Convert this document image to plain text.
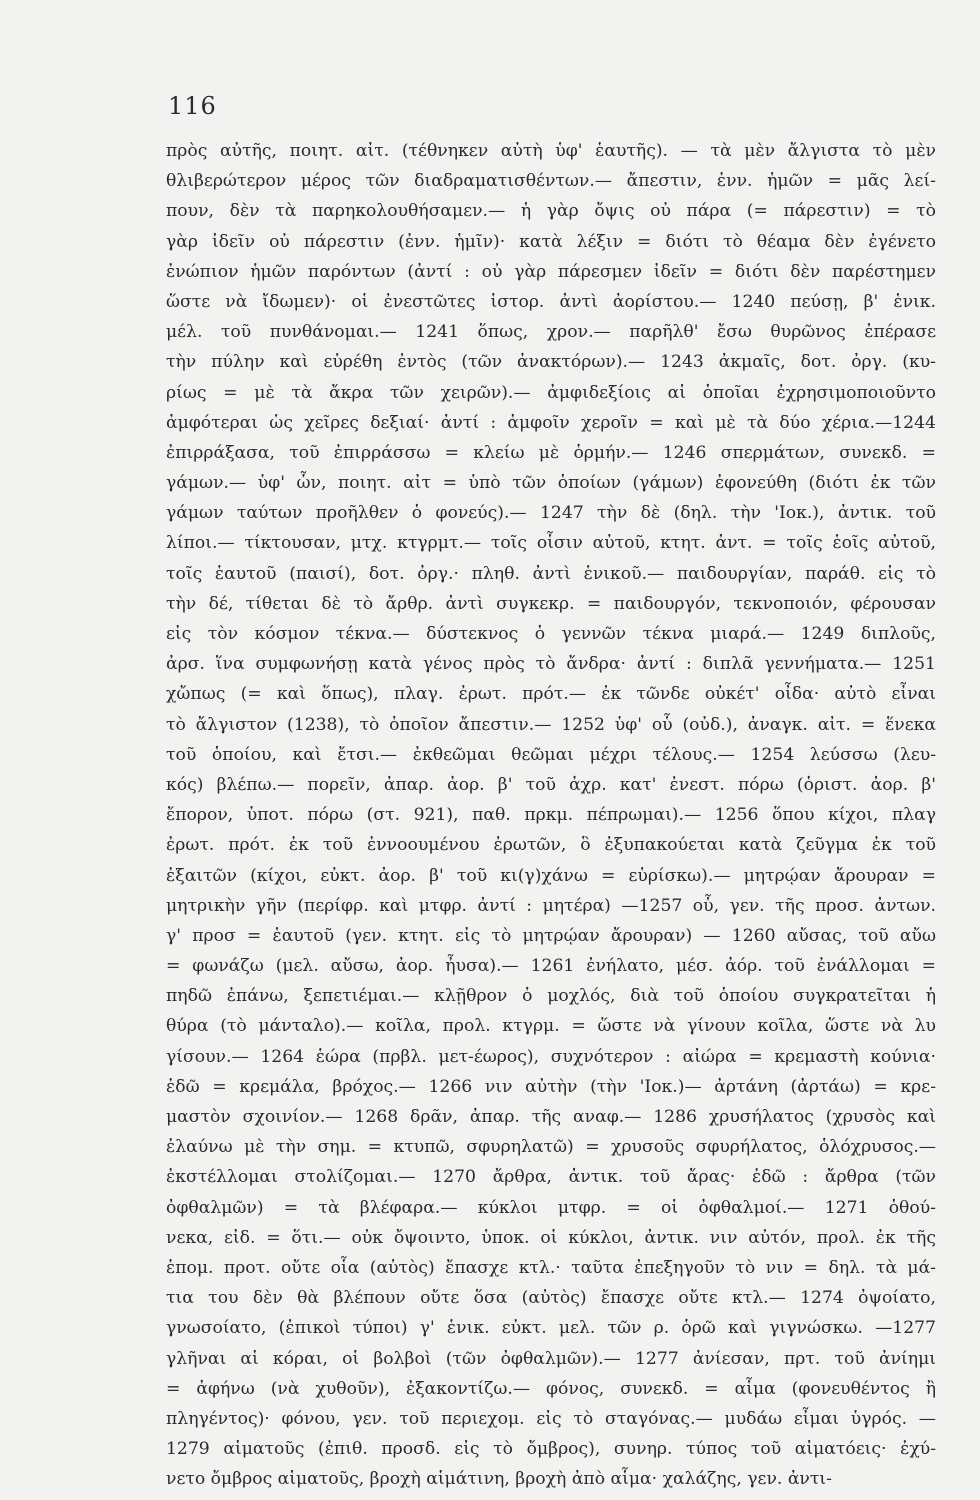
116
πρὸς αὐτῆς, ποιητ. αἰτ. (τέθνηκεν αὐτὴ ὑφ' ἑαυτῆς). — τὰ μὲν ἄλγιστα τὸ μὲν
θλιβερώτερον μέρος τῶν διαδραματισθέντων.— ἄπεστιν, ἐνν. ἡμῶν = μᾶς λεί-
πουν, δὲν τὰ παρηκολουθήσαμεν.— ἡ γὰρ ὄψις οὐ πάρα (= πάρεστιν) = τὸ
γὰρ ἰδεῖν οὐ πάρεστιν (ἐνν. ἡμῖν)· κατὰ λέξιν = διότι τὸ θέαμα δὲν ἐγένετο
ἐνώπιον ἡμῶν παρόντων (ἀντί : οὐ γὰρ πάρεσμεν ἰδεῖν = διότι δὲν παρέστημεν
ὥστε νὰ ἴδωμεν)· οἱ ἐνεστῶτες ἱστορ. ἀντὶ ἀορίστου.— 1240 πεύσῃ, β' ἑνικ.
μέλ. τοῦ πυνθάνομαι.— 1241 ὅπως, χρον.— παρῆλθ' ἔσω θυρῶνος ἐπέρασε
τὴν πύλην καὶ εὑρέθη ἐντὸς (τῶν ἀνακτόρων).— 1243 ἀκμαῖς, δοτ. ὀργ. (κυ-
ρίως = μὲ τὰ ἄκρα τῶν χειρῶν).— ἀμφιδεξίοις αἱ ὁποῖαι ἐχρησιμοποιοῦντο
ἀμφότεραι ὡς χεῖρες δεξιαί· ἀντί : ἀμφοῖν χεροῖν = καὶ μὲ τὰ δύο χέρια.—1244
ἐπιρράξασα, τοῦ ἐπιρράσσω = κλείω μὲ ὁρμήν.— 1246 σπερμάτων, συνεκδ. =
γάμων.— ὑφ' ὧν, ποιητ. αἰτ = ὑπὸ τῶν ὁποίων (γάμων) ἐφονεύθη (διότι ἐκ τῶν
γάμων ταύτων προῆλθεν ὁ φονεύς).— 1247 τὴν δὲ (δηλ. τὴν 'Ιοκ.), ἀντικ. τοῦ
λίποι.— τίκτουσαν, μτχ. κτγρμτ.— τοῖς οἷσιν αὐτοῦ, κτητ. ἀντ. = τοῖς ἑοῖς αὐτοῦ,
τοῖς ἑαυτοῦ (παισί), δοτ. ὀργ.· πληθ. ἀντὶ ἑνικοῦ.— παιδουργίαν, παράθ. εἰς τὸ
τὴν δέ, τίθεται δὲ τὸ ἄρθρ. ἀντὶ συγκεκρ. = παιδουργόν, τεκνοποιόν, φέρουσαν
εἰς τὸν κόσμον τέκνα.— δύστεκνος ὁ γεννῶν τέκνα μιαρά.— 1249 διπλοῦς,
ἀρσ. ἵνα συμφωνήσῃ κατὰ γένος πρὸς τὸ ἄνδρα· ἀντί : διπλᾶ γεννήματα.— 1251
χὤπως (= καὶ ὅπως), πλαγ. ἐρωτ. πρότ.— ἐκ τῶνδε οὐκέτ' οἶδα· αὐτὸ εἶναι
τὸ ἄλγιστον (1238), τὸ ὁποῖον ἄπεστιν.— 1252 ὑφ' οὗ (οὐδ.), ἀναγκ. αἰτ. = ἕνεκα
τοῦ ὁποίου, καὶ ἔτσι.— ἐκθεῶμαι θεῶμαι μέχρι τέλους.— 1254 λεύσσω (λευ-
κός) βλέπω.— πορεῖν, ἀπαρ. ἀορ. β' τοῦ ἀχρ. κατ' ἐνεστ. πόρω (ὁριστ. ἀορ. β'
ἔπορον, ὑποτ. πόρω (στ. 921), παθ. πρκμ. πέπρωμαι).— 1256 ὅπου κίχοι, πλαγ
ἐρωτ. πρότ. ἐκ τοῦ ἐννοουμένου ἐρωτῶν, ὃ ἐξυπακούεται κατὰ ζεῦγμα ἐκ τοῦ
ἐξαιτῶν (κίχοι, εὐκτ. ἀορ. β' τοῦ κι(γ)χάνω = εὑρίσκω).— μητρῴαν ἄρουραν =
μητρικὴν γῆν (περίφρ. καὶ μτφρ. ἀντί : μητέρα) —1257 οὗ, γεν. τῆς προσ. ἀντων.
γ' προσ = ἑαυτοῦ (γεν. κτητ. εἰς τὸ μητρῴαν ἄρουραν) — 1260 αὔσας, τοῦ αὔω
= φωνάζω (μελ. αὔσω, ἀορ. ἦυσα).— 1261 ἐνήλατο, μέσ. ἀόρ. τοῦ ἐνάλλομαι =
πηδῶ ἐπάνω, ξεπετιέμαι.— κλῇθρον ὁ μοχλός, διὰ τοῦ ὁποίου συγκρατεῖται ἡ
θύρα (τὸ μάνταλο).— κοῖλα, προλ. κτγρμ. = ὥστε νὰ γίνουν κοῖλα, ὥστε νὰ λυ
γίσουν.— 1264 ἑώρα (πρβλ. μετ-έωρος), συχνότερον : αἰώρα = κρεμαστὴ κούνια·
ἐδῶ = κρεμάλα, βρόχος.— 1266 νιν αὐτὴν (τὴν 'Ιοκ.)— ἀρτάνη (ἀρτάω) = κρε-
μαστὸν σχοινίον.— 1268 δρᾶν, ἀπαρ. τῆς αναφ.— 1286 χρυσήλατος (χρυσὸς καὶ
ἐλαύνω μὲ τὴν σημ. = κτυπῶ, σφυρηλατῶ) = χρυσοῦς σφυρήλατος, ὁλόχρυσος.—
ἐκστέλλομαι στολίζομαι.— 1270 ἄρθρα, ἀντικ. τοῦ ἄρας· ἐδῶ : ἄρθρα (τῶν
ὀφθαλμῶν) = τὰ βλέφαρα.— κύκλοι μτφρ. = οἱ ὀφθαλμοί.— 1271 ὁθού-
νεκα, εἰδ. = ὅτι.— οὐκ ὄψοιντο, ὑποκ. οἱ κύκλοι, ἀντικ. νιν αὐτόν, προλ. ἐκ τῆς
ἑπομ. προτ. οὔτε οἷα (αὐτὸς) ἔπασχε κτλ.· ταῦτα ἐπεξηγοῦν τὸ νιν = δηλ. τὰ μά-
τια του δὲν θὰ βλέπουν οὔτε ὅσα (αὐτὸς) ἔπασχε οὔτε κτλ.— 1274 ὀψοίατο,
γνωσοίατο, (ἐπικοὶ τύποι) γ' ἑνικ. εὐκτ. μελ. τῶν ρ. ὁρῶ καὶ γιγνώσκω. —1277
γλῆναι αἱ κόραι, οἱ βολβοὶ (τῶν ὀφθαλμῶν).— 1277 ἀνίεσαν, πρτ. τοῦ ἀνίημι
= ἀφήνω (νὰ χυθοῦν), ἐξακοντίζω.— φόνος, συνεκδ. = αἷμα (φονευθέντος ἢ
πληγέντος)· φόνου, γεν. τοῦ περιεχομ. εἰς τὸ σταγόνας.— μυδάω εἶμαι ὑγρός. —
1279 αἱματοῦς (ἐπιθ. προσδ. εἰς τὸ ὄμβρος), συνηρ. τύπος τοῦ αἱματόεις· ἐχύ-
νετο ὄμβρος αἱματοῦς, βροχὴ αἱμάτινη, βροχὴ ἀπὸ αἷμα· χαλάζης, γεν. ἀντι-
